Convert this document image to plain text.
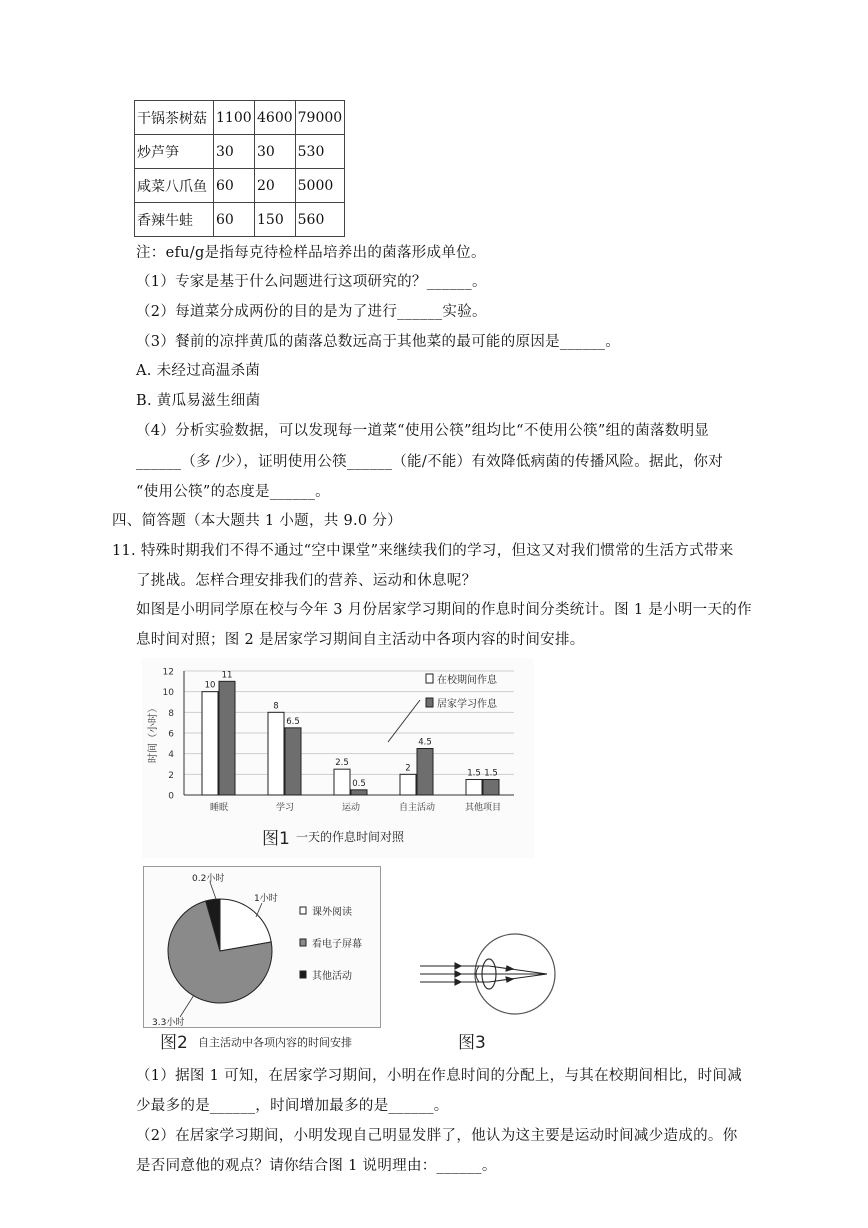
干锅茶树菇	1100	4600	79000
炒芦笋	30	30	530
咸菜八爪鱼	60	20	5000
香辣牛蛙	60	150	560
注：efu/g是指每克待检样品培养出的菌落形成单位。
（1）专家是基于什么问题进行这项研究的？______。
（2）每道菜分成两份的目的是为了进行______实验。
（3）餐前的凉拌黄瓜的菌落总数远高于其他菜的最可能的原因是______。
A. 未经过高温杀菌
B. 黄瓜易滋生细菌
（4）分析实验数据，可以发现每一道菜“使用公筷”组均比“不使用公筷”组的菌落数明显
______（多 /少），证明使用公筷______（能/不能）有效降低病菌的传播风险。据此，你对
“使用公筷”的态度是______。
四、简答题（本大题共 1 小题，共 9.0 分）
11. 特殊时期我们不得不通过“空中课堂”来继续我们的学习，但这又对我们惯常的生活方式带来
了挑战。怎样合理安排我们的营养、运动和休息呢？
如图是小明同学原在校与今年 3 月份居家学习期间的作息时间分类统计。图 1 是小明一天的作
息时间对照；图 2 是居家学习期间自主活动中各项内容的时间安排。
0
2
4
6
8
10
12
时间（小时）
10
11
睡眠
8
6.5
学习
2.5
0.5
运动
2
4.5
自主活动
1.5 1.5
其他项目
在校期间作息
居家学习作息
图1 一天的作息时间对照
0.2小时
1小时
3.3小时
课外阅读
看电子屏幕
其他活动
图2 自主活动中各项内容的时间安排	图3
（1）据图 1 可知，在居家学习期间，小明在作息时间的分配上，与其在校期间相比，时间减
少最多的是______，时间增加最多的是______。
（2）在居家学习期间，小明发现自己明显发胖了，他认为这主要是运动时间减少造成的。你
是否同意他的观点？请你结合图 1 说明理由：______。
